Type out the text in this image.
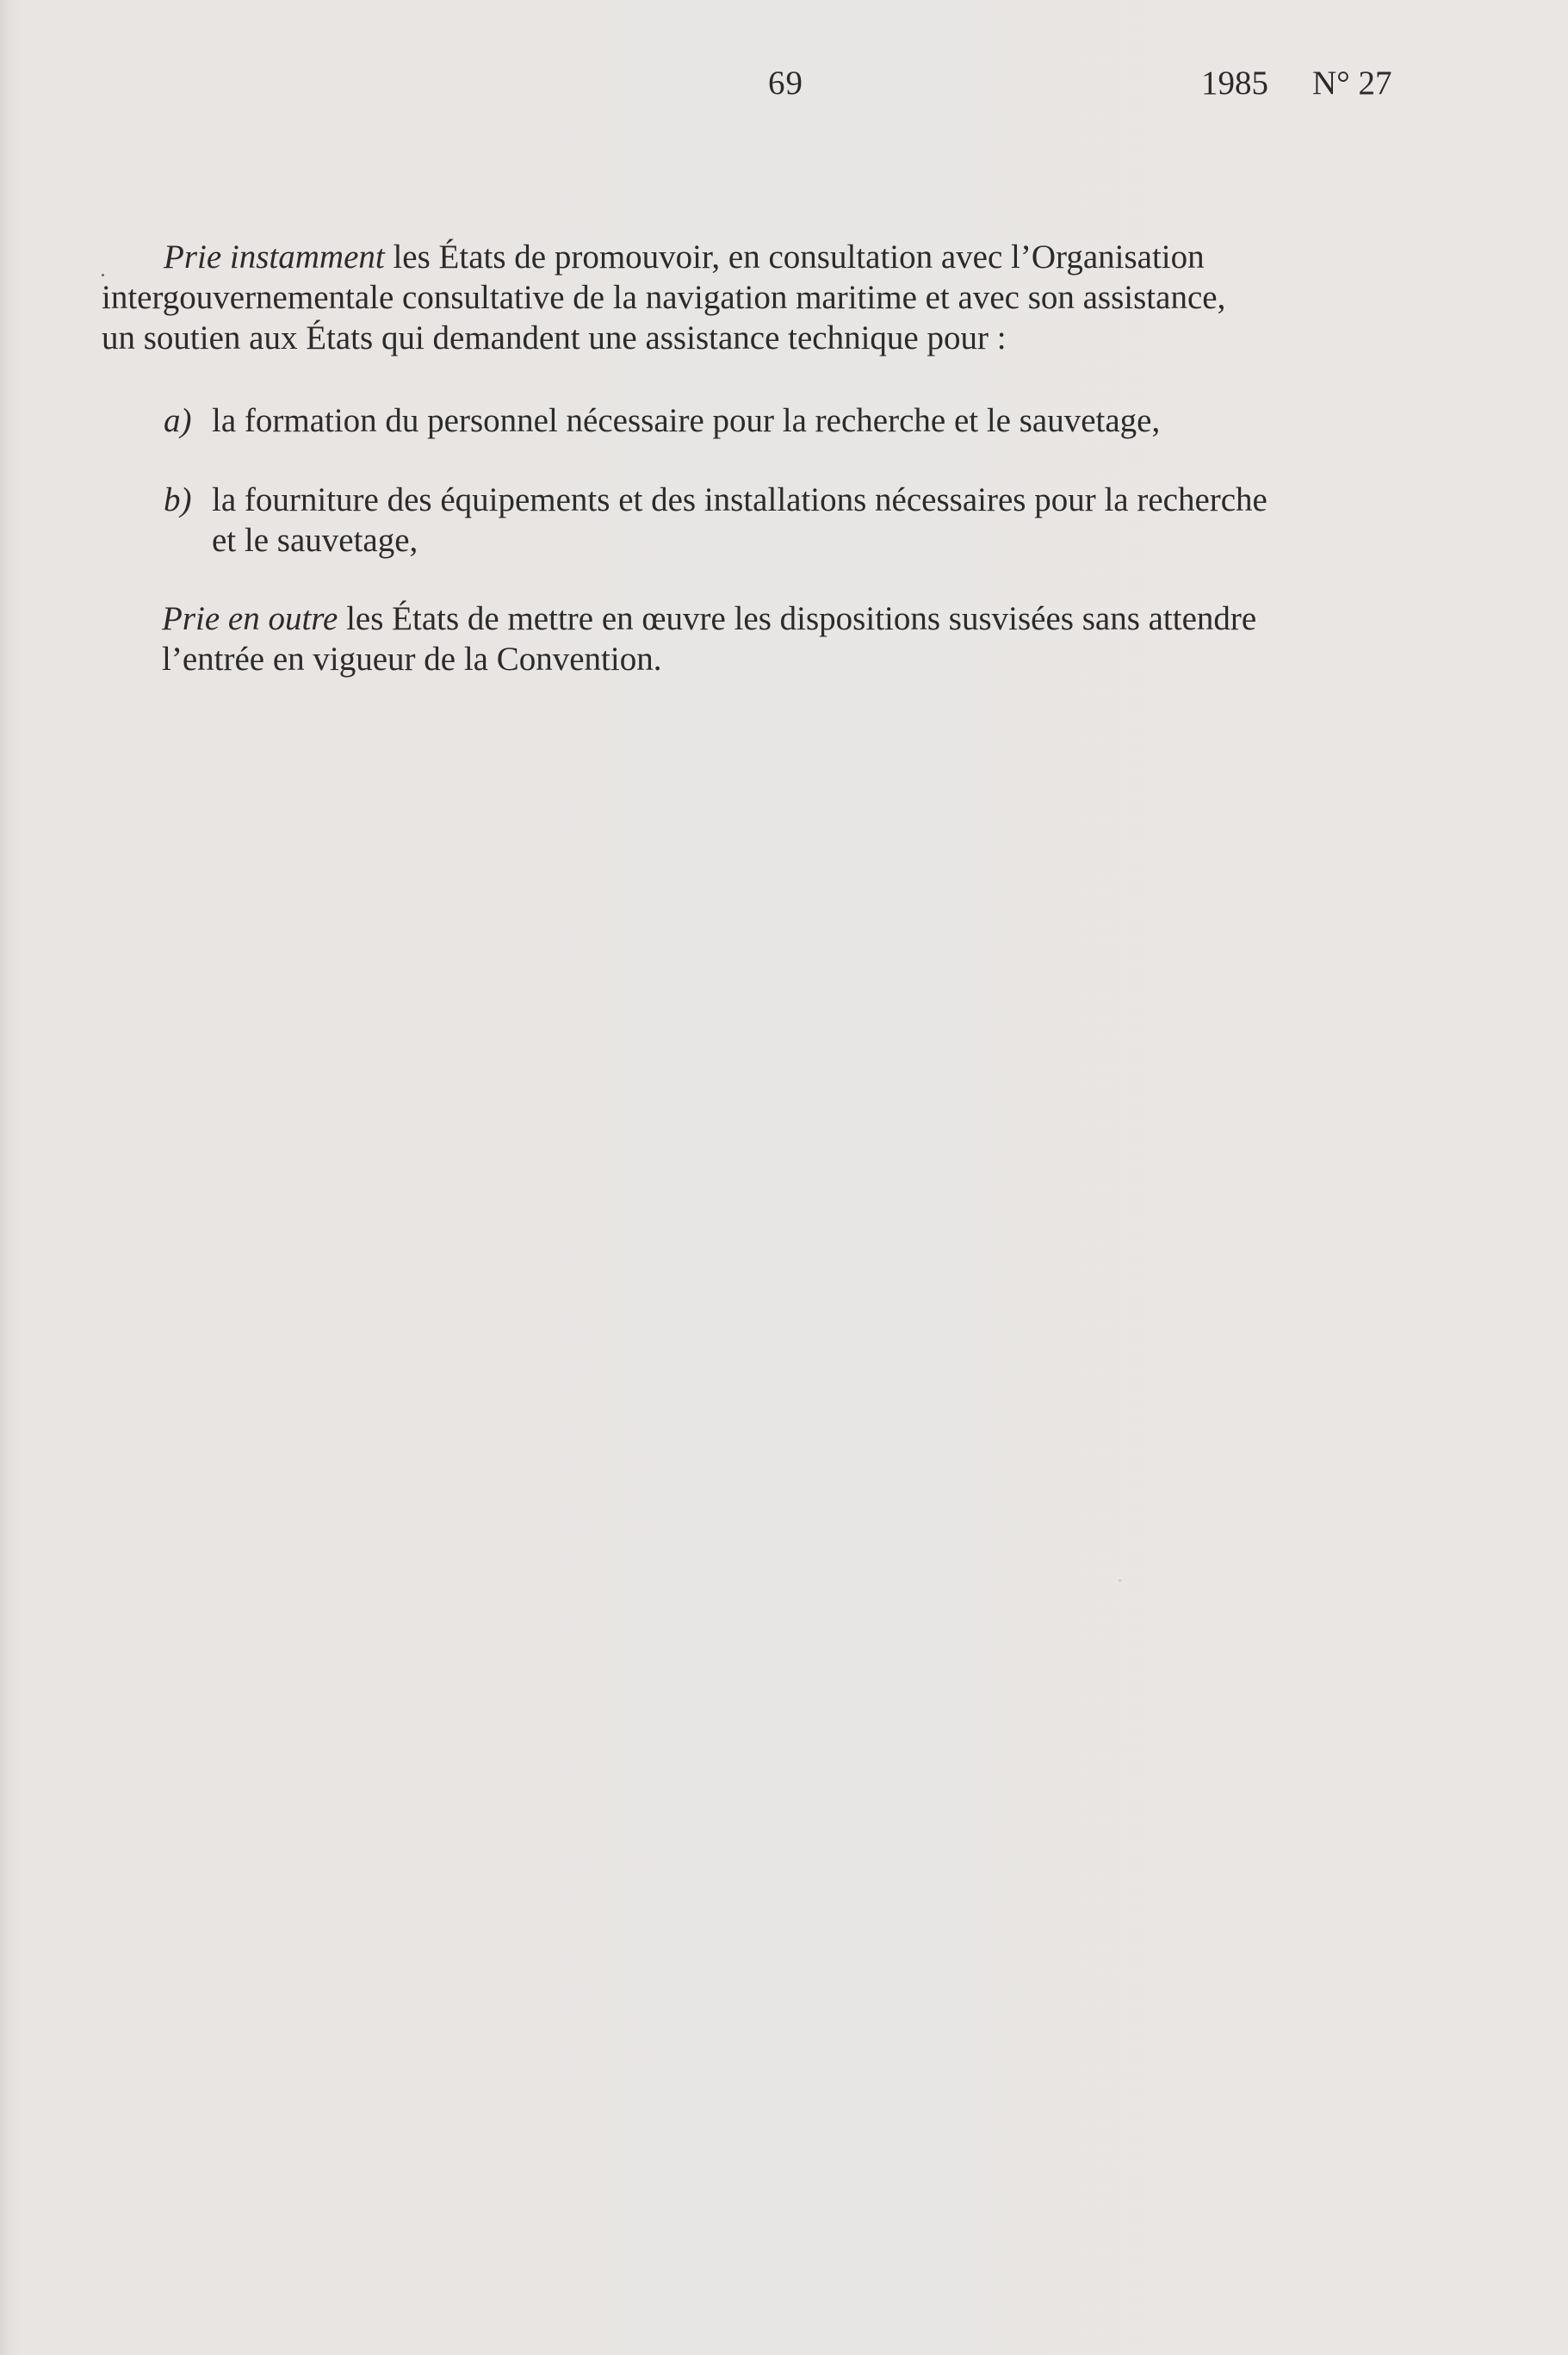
69	1985 N° 27

Prie instamment les États de promouvoir, en consultation avec l’Organisation
intergouvernementale consultative de la navigation maritime et avec son assistance,
un soutien aux États qui demandent une assistance technique pour :

a) la formation du personnel nécessaire pour la recherche et le sauvetage,
b) la fourniture des équipements et des installations nécessaires pour la recherche
et le sauvetage,

Prie en outre les États de mettre en œuvre les dispositions susvisées sans attendre
l’entrée en vigueur de la Convention.
